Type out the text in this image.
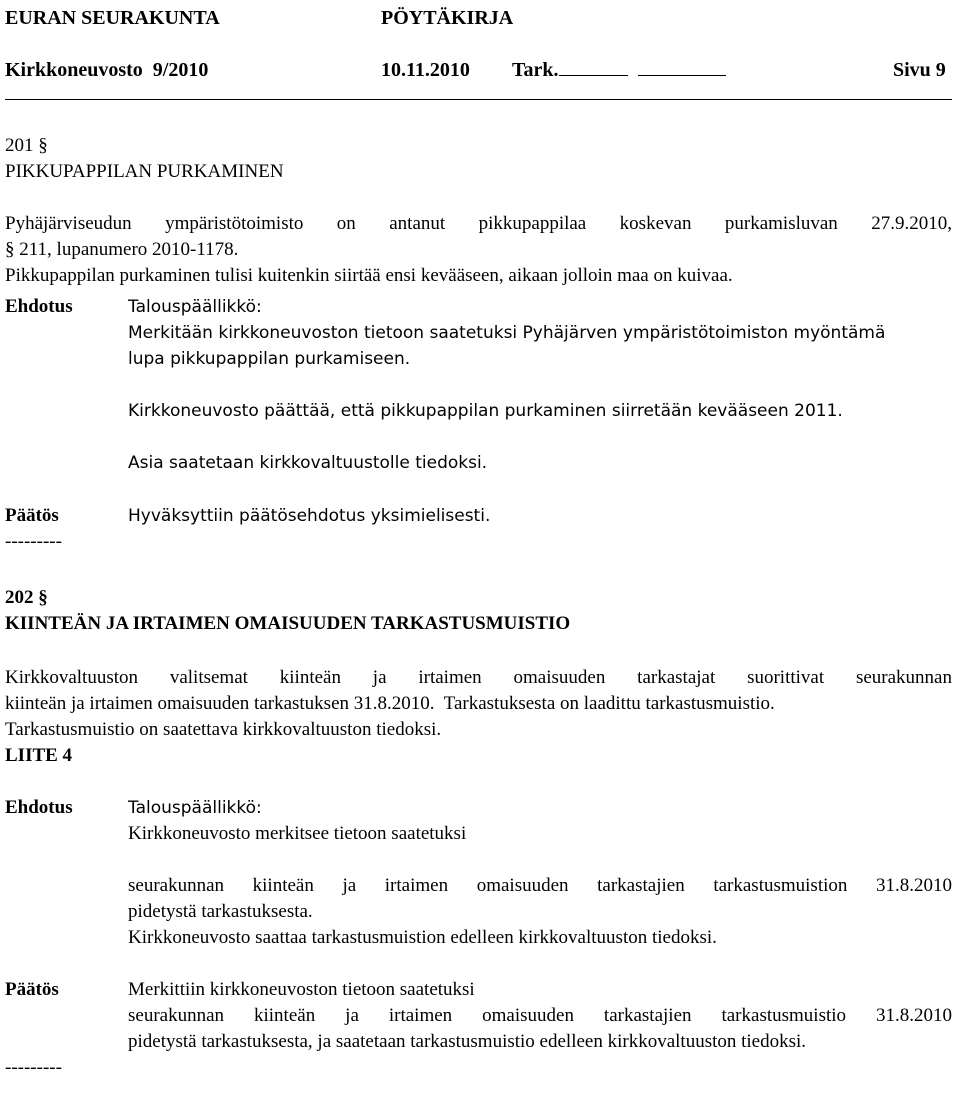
EURAN SEURAKUNTA	PÖYTÄKIRJA
Kirkkoneuvosto  9/2010	10.11.2010 Tark.	Sivu 9
201 §
PIKKUPAPPILAN PURKAMINEN
Pyhäjärviseudun ympäristötoimisto on antanut pikkupappilaa koskevan purkamisluvan 27.9.2010,
§ 211, lupanumero 2010-1178.
Pikkupappilan purkaminen tulisi kuitenkin siirtää ensi kevääseen, aikaan jolloin maa on kuivaa.
Ehdotus	Talouspäällikkö:
Merkitään kirkkoneuvoston tietoon saatetuksi Pyhäjärven ympäristötoimiston myöntämä
lupa pikkupappilan purkamiseen.
Kirkkoneuvosto päättää, että pikkupappilan purkaminen siirretään kevääseen 2011.
Asia saatetaan kirkkovaltuustolle tiedoksi.
Päätös	Hyväksyttiin päätösehdotus yksimielisesti.
---------
202 §
KIINTEÄN JA IRTAIMEN OMAISUUDEN TARKASTUSMUISTIO
Kirkkovaltuuston valitsemat kiinteän ja irtaimen omaisuuden tarkastajat suorittivat seurakunnan
kiinteän ja irtaimen omaisuuden tarkastuksen 31.8.2010.  Tarkastuksesta on laadittu tarkastusmuistio.
Tarkastusmuistio on saatettava kirkkovaltuuston tiedoksi.
LIITE 4
Ehdotus	Talouspäällikkö:
Kirkkoneuvosto merkitsee tietoon saatetuksi
seurakunnan kiinteän ja irtaimen omaisuuden tarkastajien tarkastusmuistion 31.8.2010
pidetystä tarkastuksesta.
Kirkkoneuvosto saattaa tarkastusmuistion edelleen kirkkovaltuuston tiedoksi.
Päätös	Merkittiin kirkkoneuvoston tietoon saatetuksi
seurakunnan kiinteän ja irtaimen omaisuuden tarkastajien tarkastusmuistio 31.8.2010
pidetystä tarkastuksesta, ja saatetaan tarkastusmuistio edelleen kirkkovaltuuston tiedoksi.
---------
